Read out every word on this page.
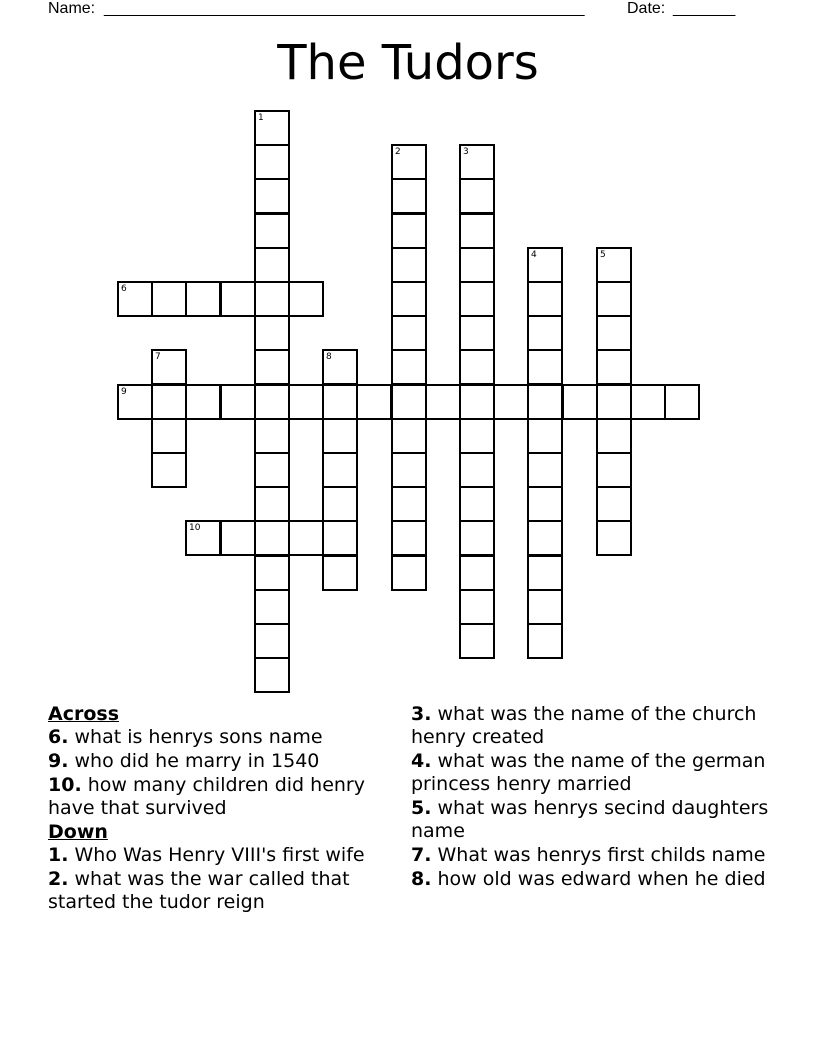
Name: ______________________________________________________	Date: _______
The Tudors
1
2	3
4	5
6
7	8
9
10

Across

6. what is henrys sons name

9. who did he marry in 1540

10. how many children did henry have that survived

Down

1. Who Was Henry VIII's first wife

2. what was the war called that started the tudor reign

3. what was the name of the church henry created

4. what was the name of the german princess henry married

5. what was henrys secind daughters name

7. What was henrys first childs name

8. how old was edward when he died
